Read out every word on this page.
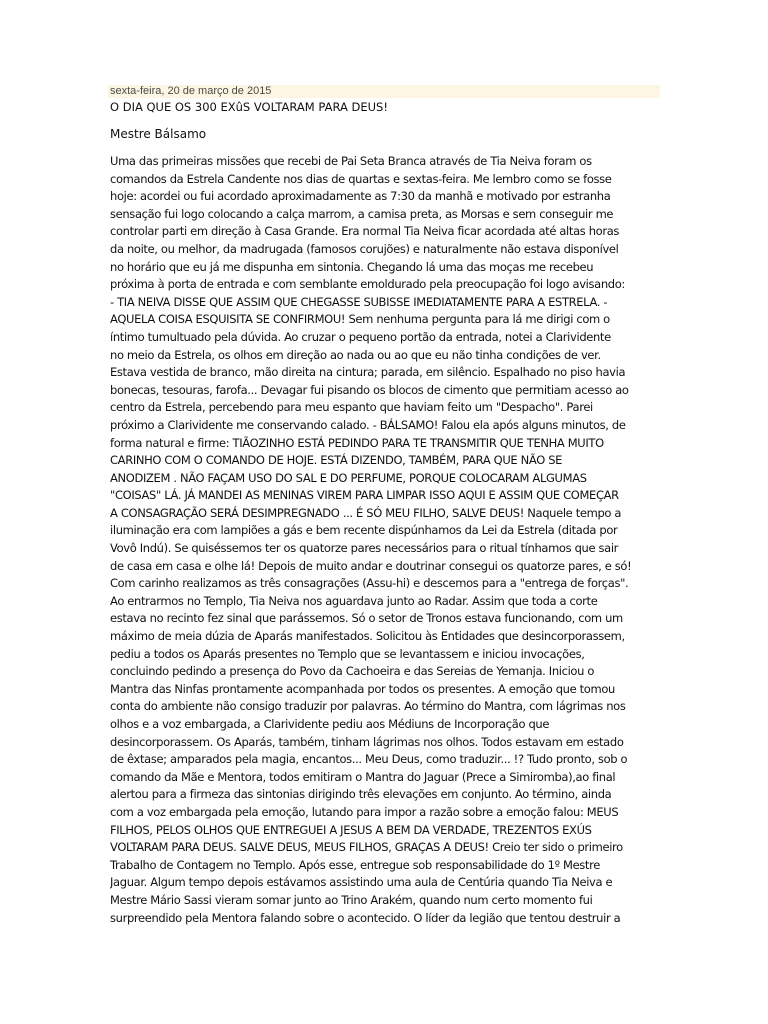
sexta-feira, 20 de março de 2015
O DIA QUE OS 300 EXûS VOLTARAM PARA DEUS!
Mestre Bálsamo
Uma das primeiras missões que recebi de Pai Seta Branca através de Tia Neiva foram os
comandos da Estrela Candente nos dias de quartas e sextas-feira. Me lembro como se fosse
hoje: acordei ou fui acordado aproximadamente as 7:30 da manhã e motivado por estranha
sensação fui logo colocando a calça marrom, a camisa preta, as Morsas e sem conseguir me
controlar parti em direção à Casa Grande. Era normal Tia Neiva ficar acordada até altas horas
da noite, ou melhor, da madrugada (famosos corujões) e naturalmente não estava disponível
no horário que eu já me dispunha em sintonia. Chegando lá uma das moças me recebeu
próxima à porta de entrada e com semblante emoldurado pela preocupação foi logo avisando:
- TIA NEIVA DISSE QUE ASSIM QUE CHEGASSE SUBISSE IMEDIATAMENTE PARA A ESTRELA. -
AQUELA COISA ESQUISITA SE CONFIRMOU! Sem nenhuma pergunta para lá me dirigi com o
íntimo tumultuado pela dúvida. Ao cruzar o pequeno portão da entrada, notei a Clarividente
no meio da Estrela, os olhos em direção ao nada ou ao que eu não tinha condições de ver.
Estava vestida de branco, mão direita na cintura; parada, em silêncio. Espalhado no piso havia
bonecas, tesouras, farofa... Devagar fui pisando os blocos de cimento que permitiam acesso ao
centro da Estrela, percebendo para meu espanto que haviam feito um "Despacho". Parei
próximo a Clarividente me conservando calado. - BÁLSAMO! Falou ela após alguns minutos, de
forma natural e firme: TIÃOZINHO ESTÁ PEDINDO PARA TE TRANSMITIR QUE TENHA MUITO
CARINHO COM O COMANDO DE HOJE. ESTÁ DIZENDO, TAMBÉM, PARA QUE NÃO SE
ANODIZEM . NÃO FAÇAM USO DO SAL E DO PERFUME, PORQUE COLOCARAM ALGUMAS
"COISAS" LÁ. JÁ MANDEI AS MENINAS VIREM PARA LIMPAR ISSO AQUI E ASSIM QUE COMEÇAR
A CONSAGRAÇÃO SERÁ DESIMPREGNADO ... É SÓ MEU FILHO, SALVE DEUS! Naquele tempo a
iluminação era com lampiões a gás e bem recente dispúnhamos da Lei da Estrela (ditada por
Vovô Indú). Se quiséssemos ter os quatorze pares necessários para o ritual tínhamos que sair
de casa em casa e olhe lá! Depois de muito andar e doutrinar consegui os quatorze pares, e só!
Com carinho realizamos as três consagrações (Assu-hi) e descemos para a "entrega de forças".
Ao entrarmos no Templo, Tia Neiva nos aguardava junto ao Radar. Assim que toda a corte
estava no recinto fez sinal que parássemos. Só o setor de Tronos estava funcionando, com um
máximo de meia dúzia de Aparás manifestados. Solicitou às Entidades que desincorporassem,
pediu a todos os Aparás presentes no Templo que se levantassem e iniciou invocações,
concluindo pedindo a presença do Povo da Cachoeira e das Sereias de Yemanja. Iniciou o
Mantra das Ninfas prontamente acompanhada por todos os presentes. A emoção que tomou
conta do ambiente não consigo traduzir por palavras. Ao término do Mantra, com lágrimas nos
olhos e a voz embargada, a Clarividente pediu aos Médiuns de Incorporação que
desincorporassem. Os Aparás, também, tinham lágrimas nos olhos. Todos estavam em estado
de êxtase; amparados pela magia, encantos... Meu Deus, como traduzir... !? Tudo pronto, sob o
comando da Mãe e Mentora, todos emitiram o Mantra do Jaguar (Prece a Simiromba),ao final
alertou para a firmeza das sintonias dirigindo três elevações em conjunto. Ao término, ainda
com a voz embargada pela emoção, lutando para impor a razão sobre a emoção falou: MEUS
FILHOS, PELOS OLHOS QUE ENTREGUEI A JESUS A BEM DA VERDADE, TREZENTOS EXÚS
VOLTARAM PARA DEUS. SALVE DEUS, MEUS FILHOS, GRAÇAS A DEUS! Creio ter sido o primeiro
Trabalho de Contagem no Templo. Após esse, entregue sob responsabilidade do 1º Mestre
Jaguar. Algum tempo depois estávamos assistindo uma aula de Centúria quando Tia Neiva e
Mestre Mário Sassi vieram somar junto ao Trino Arakém, quando num certo momento fui
surpreendido pela Mentora falando sobre o acontecido. O líder da legião que tentou destruir a
